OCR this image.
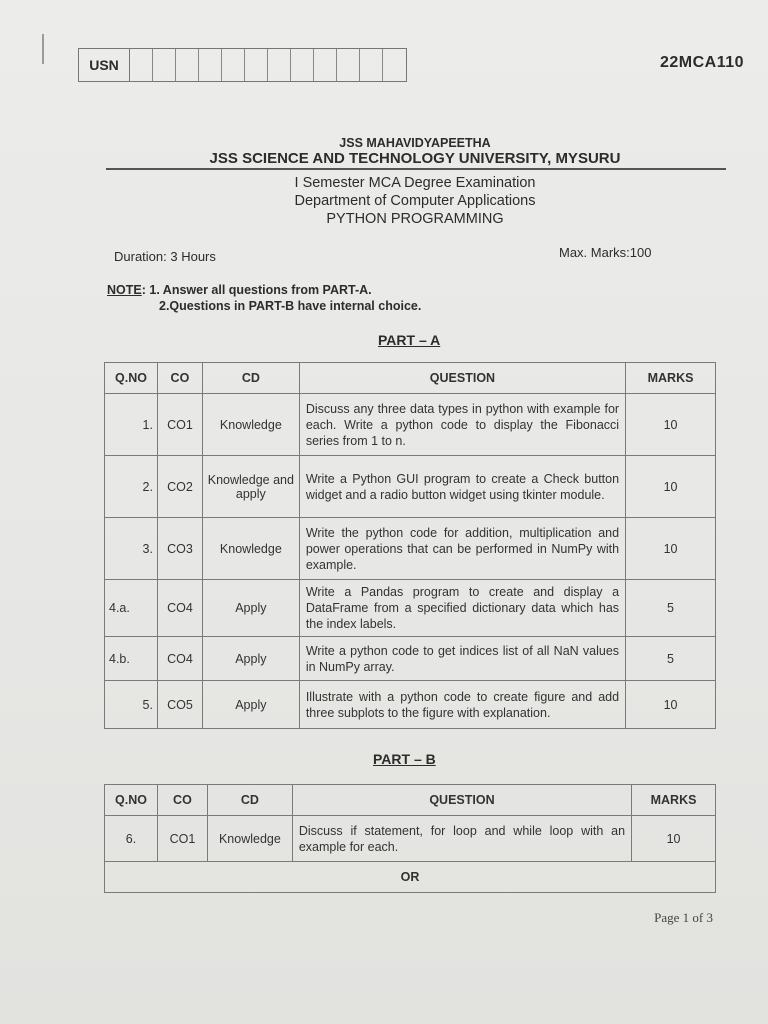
USN	22MCA110
JSS MAHAVIDYAPEETHA
JSS SCIENCE AND TECHNOLOGY UNIVERSITY, MYSURU
I Semester MCA Degree Examination
Department of Computer Applications
PYTHON PROGRAMMING
Duration: 3 Hours	Max. Marks:100
NOTE: 1. Answer all questions from PART-A.
2.Questions in PART-B have internal choice.
PART – A
Q.NO	CO	CD	QUESTION	MARKS
1.	CO1	Knowledge	Discuss any three data types in python with example for each. Write a python code to display the Fibonacci series from 1 to n.	10
2.	CO2	Knowledge and apply	Write a Python GUI program to create a Check button widget and a radio button widget using tkinter module.	10
3.	CO3	Knowledge	Write the python code for addition, multiplication and power operations that can be performed in NumPy with example.	10
4.a.	CO4	Apply	Write a Pandas program to create and display a DataFrame from a specified dictionary data which has the index labels.	5
4.b.	CO4	Apply	Write a python code to get indices list of all NaN values in NumPy array.	5
5.	CO5	Apply	Illustrate with a python code to create figure and add three subplots to the figure with explanation.	10
PART – B
Q.NO	CO	CD	QUESTION	MARKS
6.	CO1	Knowledge	Discuss if statement, for loop and while loop with an example for each.	10
OR				
Page 1 of 3
